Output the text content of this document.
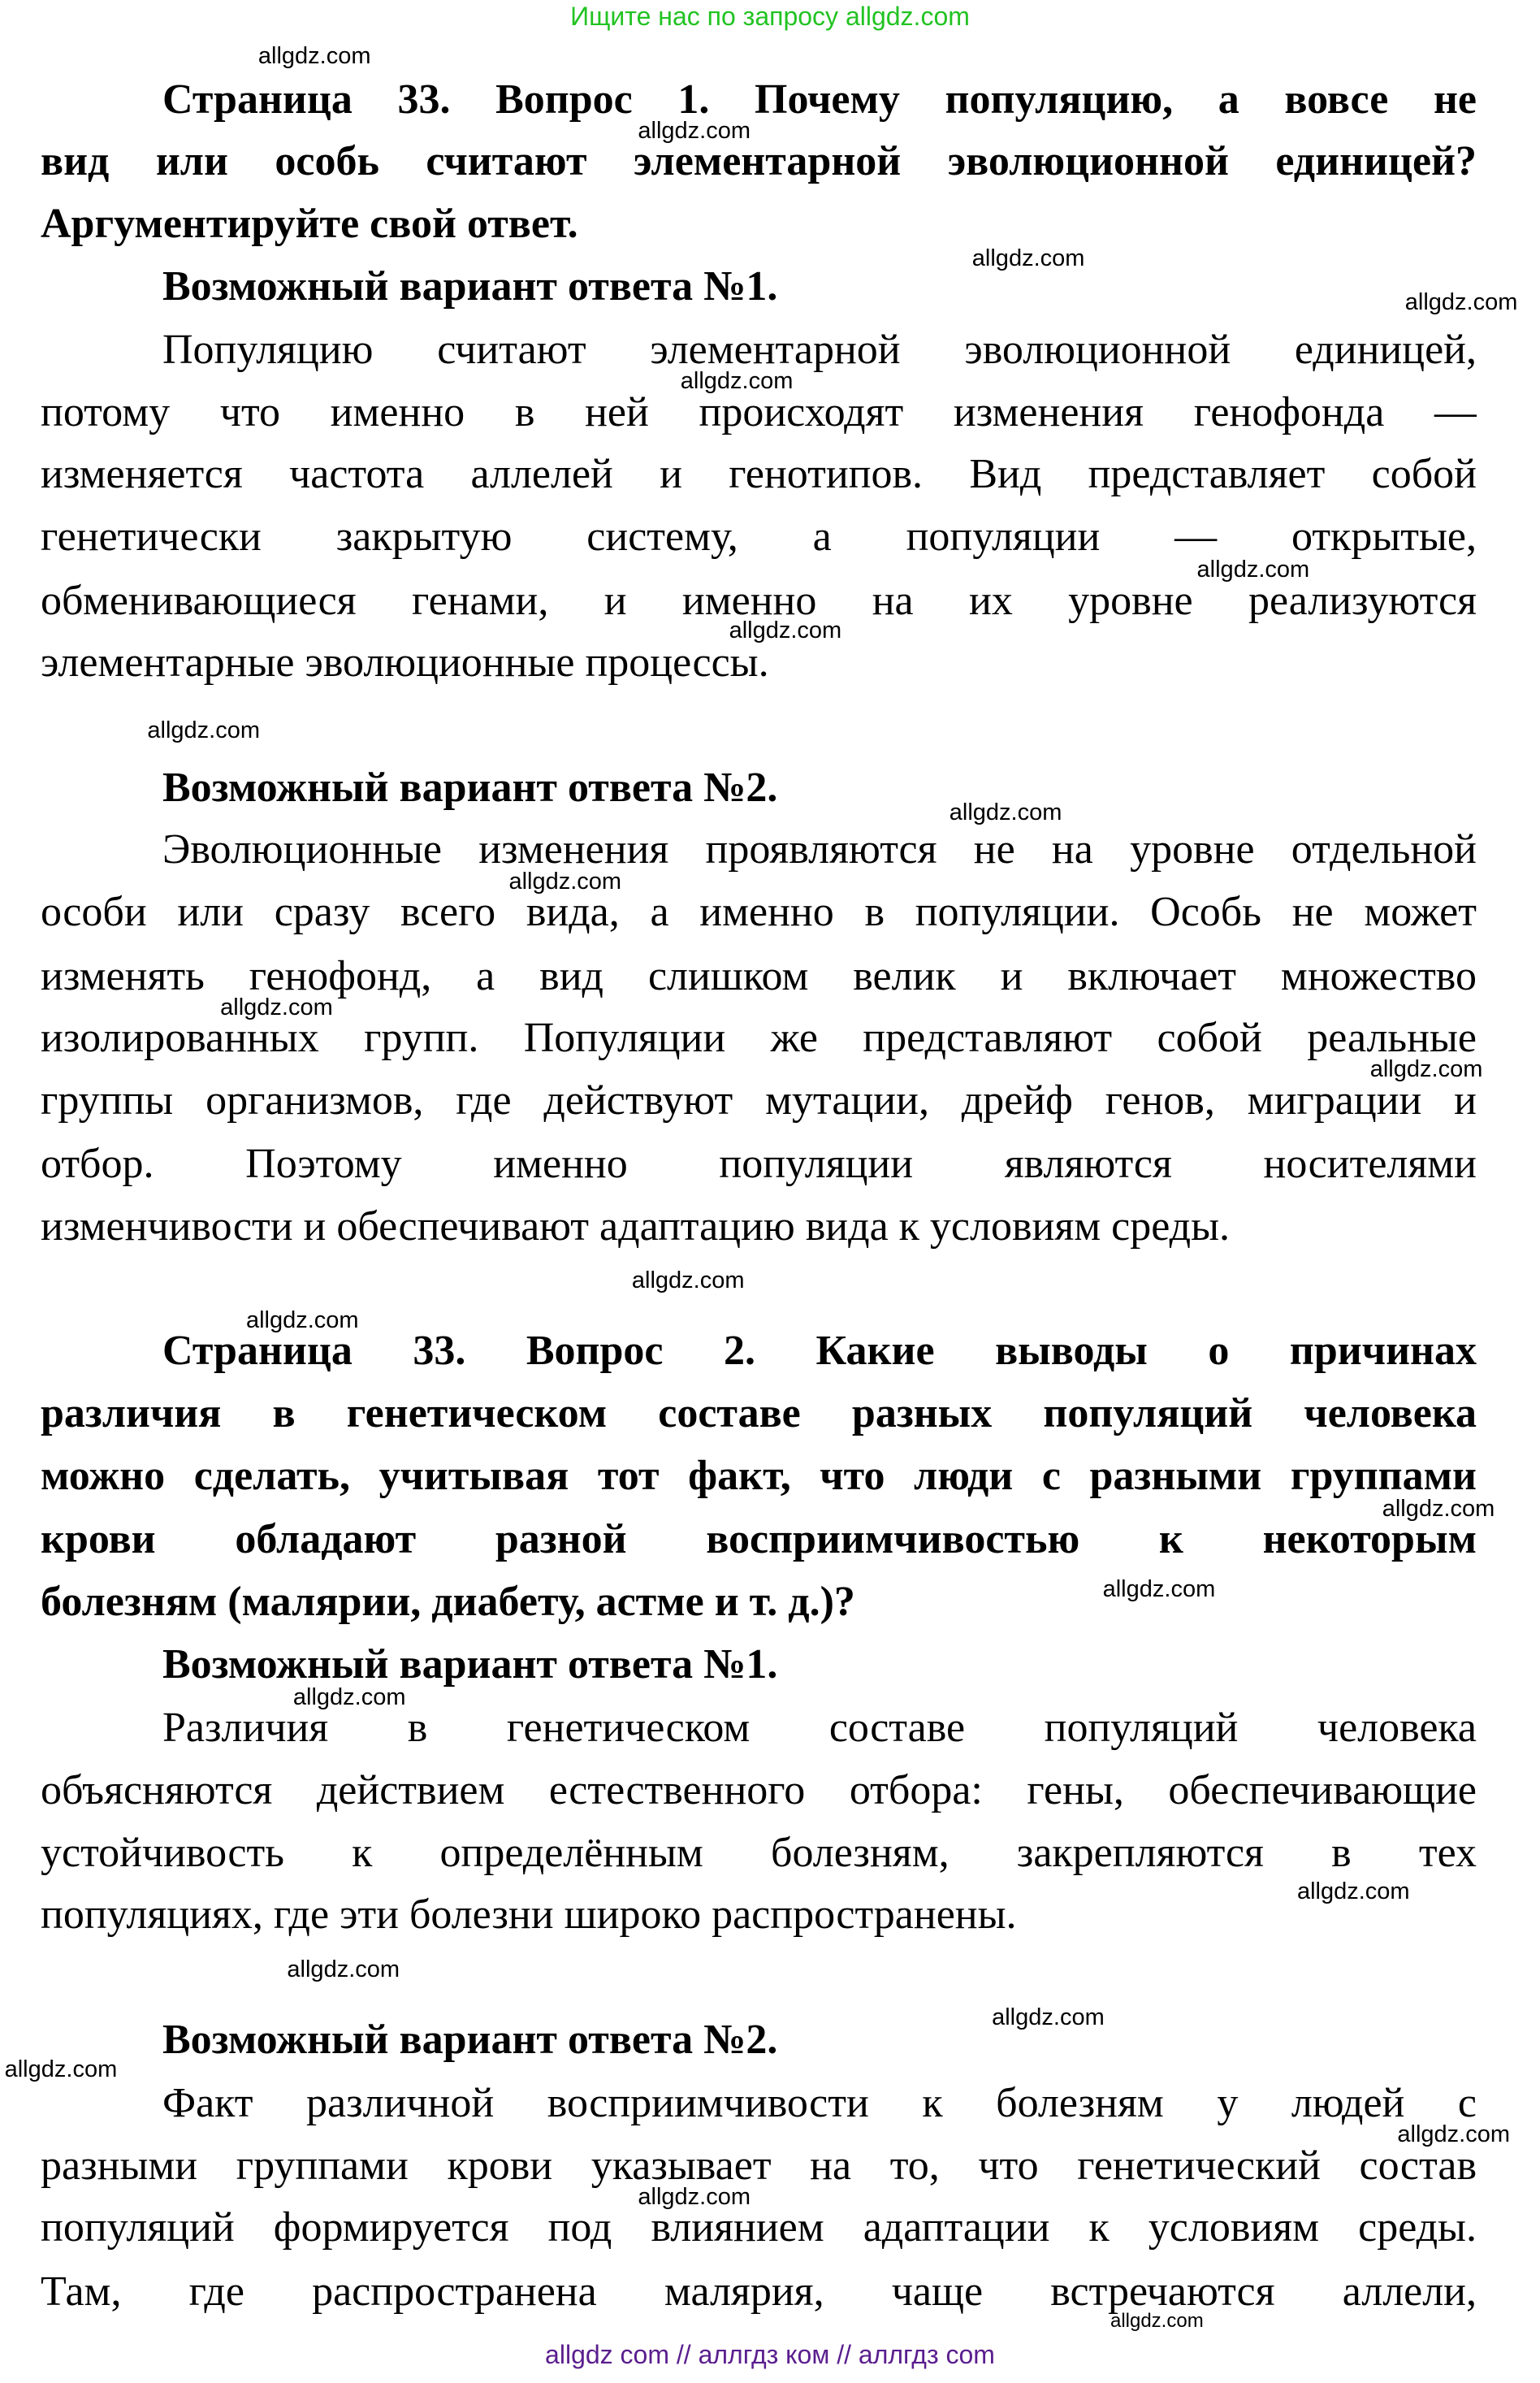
Ищите нас по запросу allgdz.com
Страница 33. Вопрос 1. Почему популяцию, а вовсе не
вид или особь считают элементарной эволюционной единицей?
Аргументируйте свой ответ.
Возможный вариант ответа №1.
Популяцию считают элементарной эволюционной единицей,
потому что именно в ней происходят изменения генофонда —
изменяется частота аллелей и генотипов. Вид представляет собой
генетически закрытую систему, а популяции — открытые,
обменивающиеся генами, и именно на их уровне реализуются
элементарные эволюционные процессы.
Возможный вариант ответа №2.
Эволюционные изменения проявляются не на уровне отдельной
особи или сразу всего вида, а именно в популяции. Особь не может
изменять генофонд, а вид слишком велик и включает множество
изолированных групп. Популяции же представляют собой реальные
группы организмов, где действуют мутации, дрейф генов, миграции и
отбор. Поэтому именно популяции являются носителями
изменчивости и обеспечивают адаптацию вида к условиям среды.
Страница 33. Вопрос 2. Какие выводы о причинах
различия в генетическом составе разных популяций человека
можно сделать, учитывая тот факт, что люди с разными группами
крови обладают разной восприимчивостью к некоторым
болезням (малярии, диабету, астме и т. д.)?
Возможный вариант ответа №1.
Различия в генетическом составе популяций человека
объясняются действием естественного отбора: гены, обеспечивающие
устойчивость к определённым болезням, закрепляются в тех
популяциях, где эти болезни широко распространены.
Возможный вариант ответа №2.
Факт различной восприимчивости к болезням у людей с
разными группами крови указывает на то, что генетический состав
популяций формируется под влиянием адаптации к условиям среды.
Там, где распространена малярия, чаще встречаются аллели,
allgdz.com
allgdz.com
allgdz.com
allgdz.com
allgdz.com
allgdz.com
allgdz.com
allgdz.com
allgdz.com
allgdz.com
allgdz.com
allgdz.com
allgdz.com
allgdz.com
allgdz.com
allgdz.com
allgdz.com
allgdz.com
allgdz.com
allgdz.com
allgdz.com
allgdz.com
allgdz.com
allgdz.com
allgdz com // аллгдз ком // аллгдз com
